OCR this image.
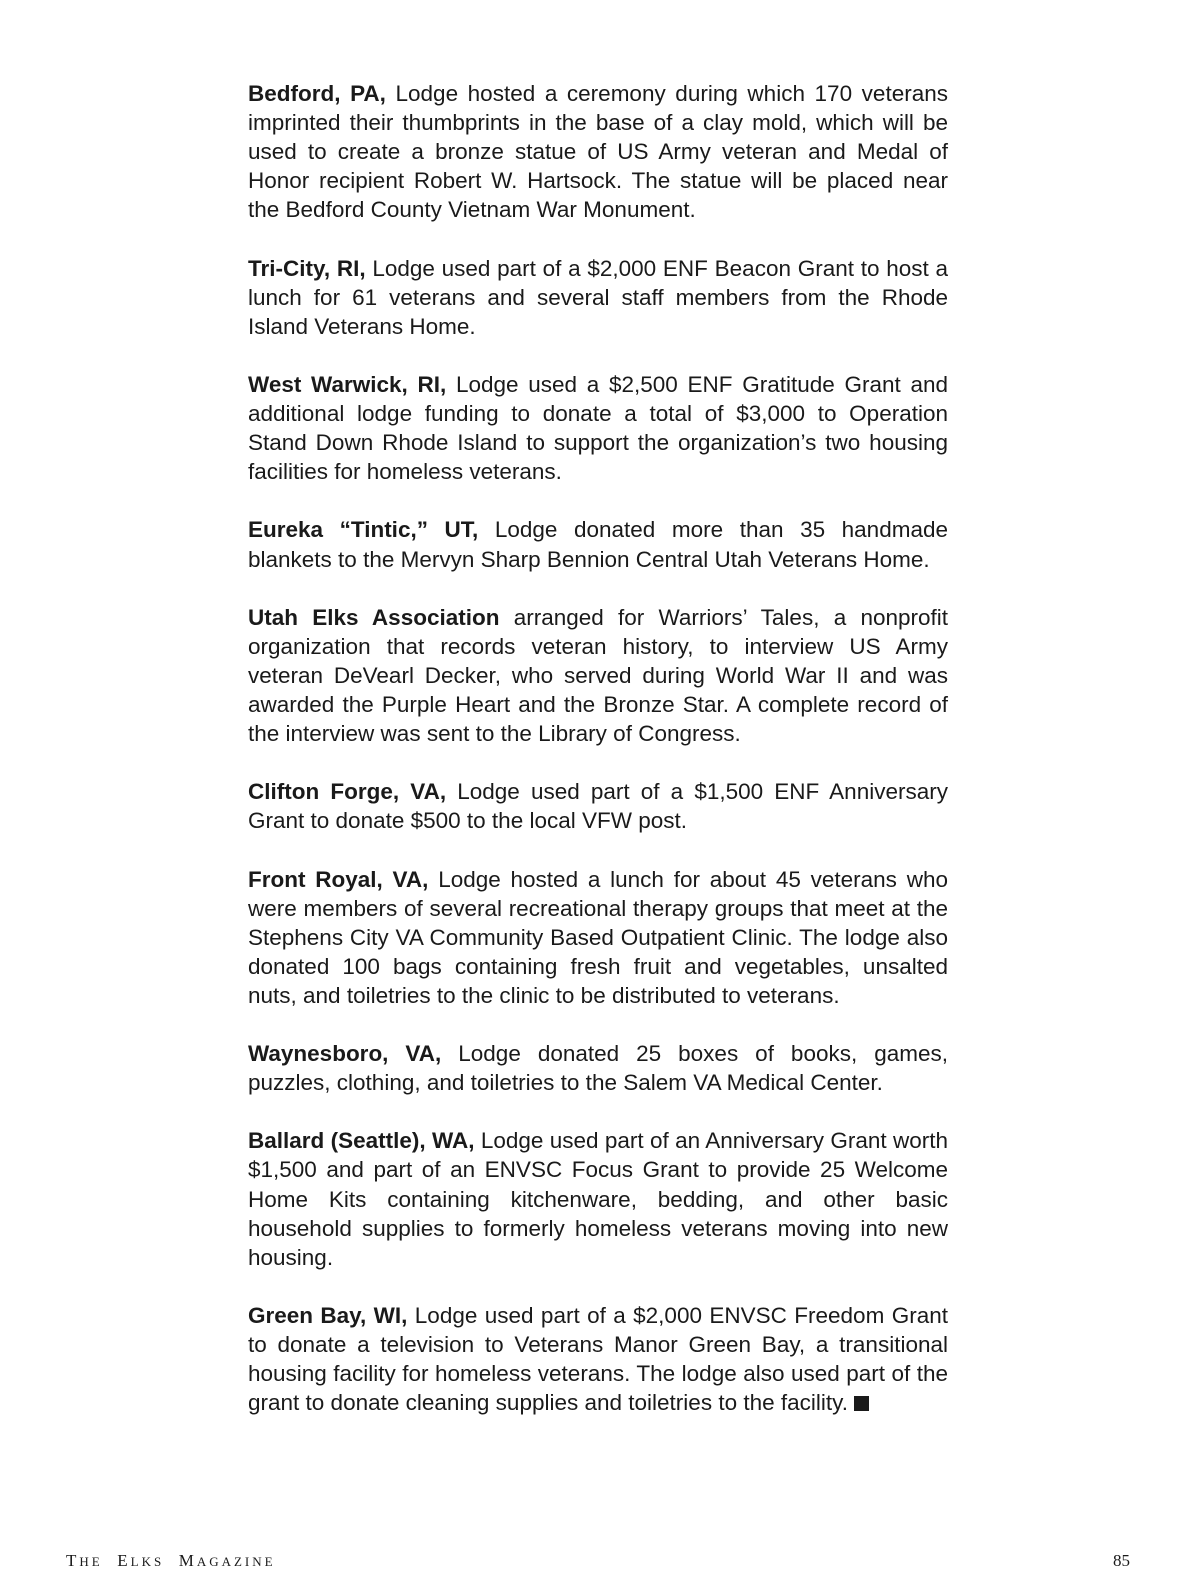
Bedford, PA, Lodge hosted a ceremony during which 170 veterans imprinted their thumbprints in the base of a clay mold, which will be used to create a bronze statue of US Army veteran and Medal of Honor recipient Robert W. Hartsock. The statue will be placed near the Bedford County Vietnam War Monument.

Tri-City, RI, Lodge used part of a $2,000 ENF Beacon Grant to host a lunch for 61 veterans and several staff members from the Rhode Island Veterans Home.

West Warwick, RI, Lodge used a $2,500 ENF Gratitude Grant and additional lodge funding to donate a total of $3,000 to Operation Stand Down Rhode Island to support the organization’s two housing facilities for homeless veterans.

Eureka “Tintic,” UT, Lodge donated more than 35 handmade blankets to the Mervyn Sharp Bennion Central Utah Veterans Home.

Utah Elks Association arranged for Warriors’ Tales, a nonprofit organization that records veteran history, to interview US Army veteran DeVearl Decker, who served during World War II and was awarded the Purple Heart and the Bronze Star. A complete record of the interview was sent to the Library of Congress.

Clifton Forge, VA, Lodge used part of a $1,500 ENF Anniversary Grant to donate $500 to the local VFW post.

Front Royal, VA, Lodge hosted a lunch for about 45 veterans who were members of several recreational therapy groups that meet at the Stephens City VA Community Based Outpatient Clinic. The lodge also donated 100 bags containing fresh fruit and vegetables, unsalted nuts, and toiletries to the clinic to be distributed to veterans.

Waynesboro, VA, Lodge donated 25 boxes of books, games, puzzles, clothing, and toiletries to the Salem VA Medical Center.

Ballard (Seattle), WA, Lodge used part of an Anniversary Grant worth $1,500 and part of an ENVSC Focus Grant to provide 25 Welcome Home Kits containing kitchenware, bedding, and other basic household supplies to formerly homeless veterans moving into new housing.

Green Bay, WI, Lodge used part of a $2,000 ENVSC Freedom Grant to donate a television to Veterans Manor Green Bay, a transitional housing facility for homeless veterans. The lodge also used part of the grant to donate cleaning supplies and toiletries to the facility.

THE ELKS MAGAZINE	85
